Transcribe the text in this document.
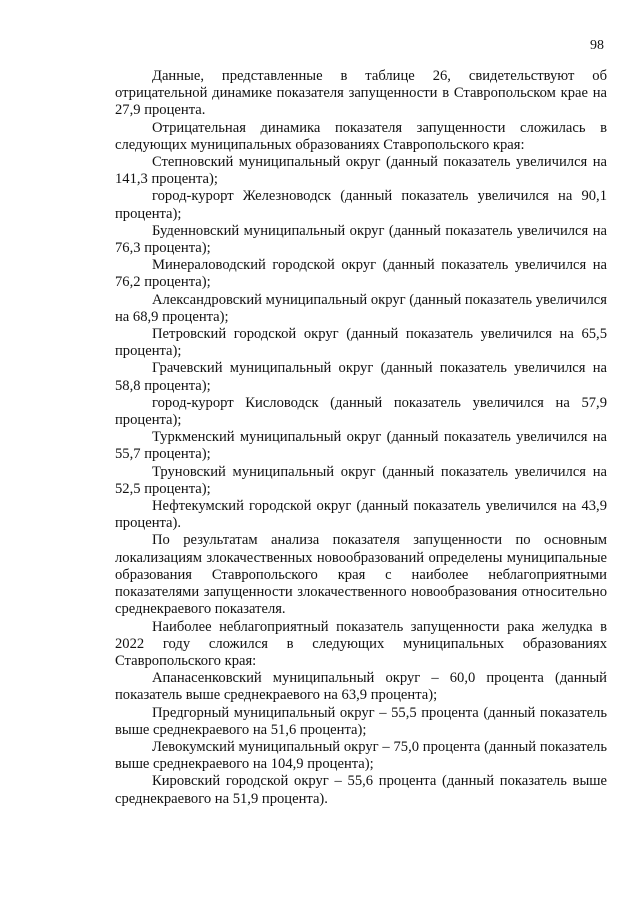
98

Данные, представленные в таблице 26, свидетельствуют об отрицательной динамике показателя запущенности в Ставропольском крае на 27,9 процента.

Отрицательная динамика показателя запущенности сложилась в следующих муниципальных образованиях Ставропольского края:

Степновский муниципальный округ (данный показатель увеличился на 141,3 процента);

город-курорт Железноводск (данный показатель увеличился на 90,1 процента);

Буденновский муниципальный округ (данный показатель увеличился на 76,3 процента);

Минераловодский городской округ (данный показатель увеличился на 76,2 процента);

Александровский муниципальный округ (данный показатель увеличился на 68,9 процента);

Петровский городской округ (данный показатель увеличился на 65,5 процента);

Грачевский муниципальный округ (данный показатель увеличился на 58,8 процента);

город-курорт Кисловодск (данный показатель увеличился на 57,9 процента);

Туркменский муниципальный округ (данный показатель увеличился на 55,7 процента);

Труновский муниципальный округ (данный показатель увеличился на 52,5 процента);

Нефтекумский городской округ (данный показатель увеличился на 43,9 процента).

По результатам анализа показателя запущенности по основным локализациям злокачественных новообразований определены муниципальные образования Ставропольского края с наиболее неблагоприятными показателями запущенности злокачественного новообразования относительно среднекраевого показателя.

Наиболее неблагоприятный показатель запущенности рака желудка в 2022 году сложился в следующих муниципальных образованиях Ставропольского края:

Апанасенковский муниципальный округ – 60,0 процента (данный показатель выше среднекраевого на 63,9 процента);

Предгорный муниципальный округ – 55,5 процента (данный показатель выше среднекраевого на 51,6 процента);

Левокумский муниципальный округ – 75,0 процента (данный показатель выше среднекраевого на 104,9 процента);

Кировский городской округ – 55,6 процента (данный показатель выше среднекраевого на 51,9 процента).
